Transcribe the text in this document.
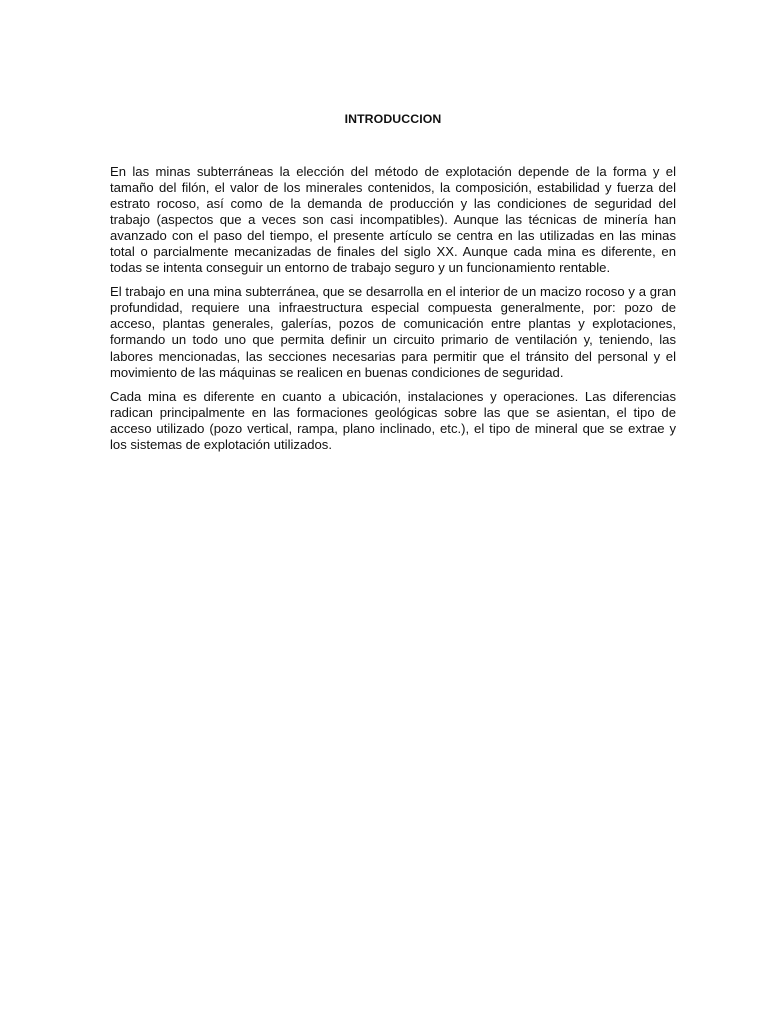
INTRODUCCION

En las minas subterráneas la elección del método de explotación depende de la forma y el tamaño del filón, el valor de los minerales contenidos, la composición, estabilidad y fuerza del estrato rocoso, así como de la demanda de producción y las condiciones de seguridad del trabajo (aspectos que a veces son casi incompatibles). Aunque las técnicas de minería han avanzado con el paso del tiempo, el presente artículo se centra en las utilizadas en las minas total o parcialmente mecanizadas de finales del siglo XX. Aunque cada mina es diferente, en todas se intenta conseguir un entorno de trabajo seguro y un funcionamiento rentable.

El trabajo en una mina subterránea, que se desarrolla en el interior de un macizo rocoso y a gran profundidad, requiere una infraestructura especial compuesta generalmente, por: pozo de acceso, plantas generales, galerías, pozos de comunicación entre plantas y explotaciones, formando un todo uno que permita definir un circuito primario de ventilación y, teniendo, las labores mencionadas, las secciones necesarias para permitir que el tránsito del personal y el movimiento de las máquinas se realicen en buenas condiciones de seguridad.

Cada mina es diferente en cuanto a ubicación, instalaciones y operaciones. Las diferencias radican principalmente en las formaciones geológicas sobre las que se asientan, el tipo de acceso utilizado (pozo vertical, rampa, plano inclinado, etc.), el tipo de mineral que se extrae y los sistemas de explotación utilizados.
